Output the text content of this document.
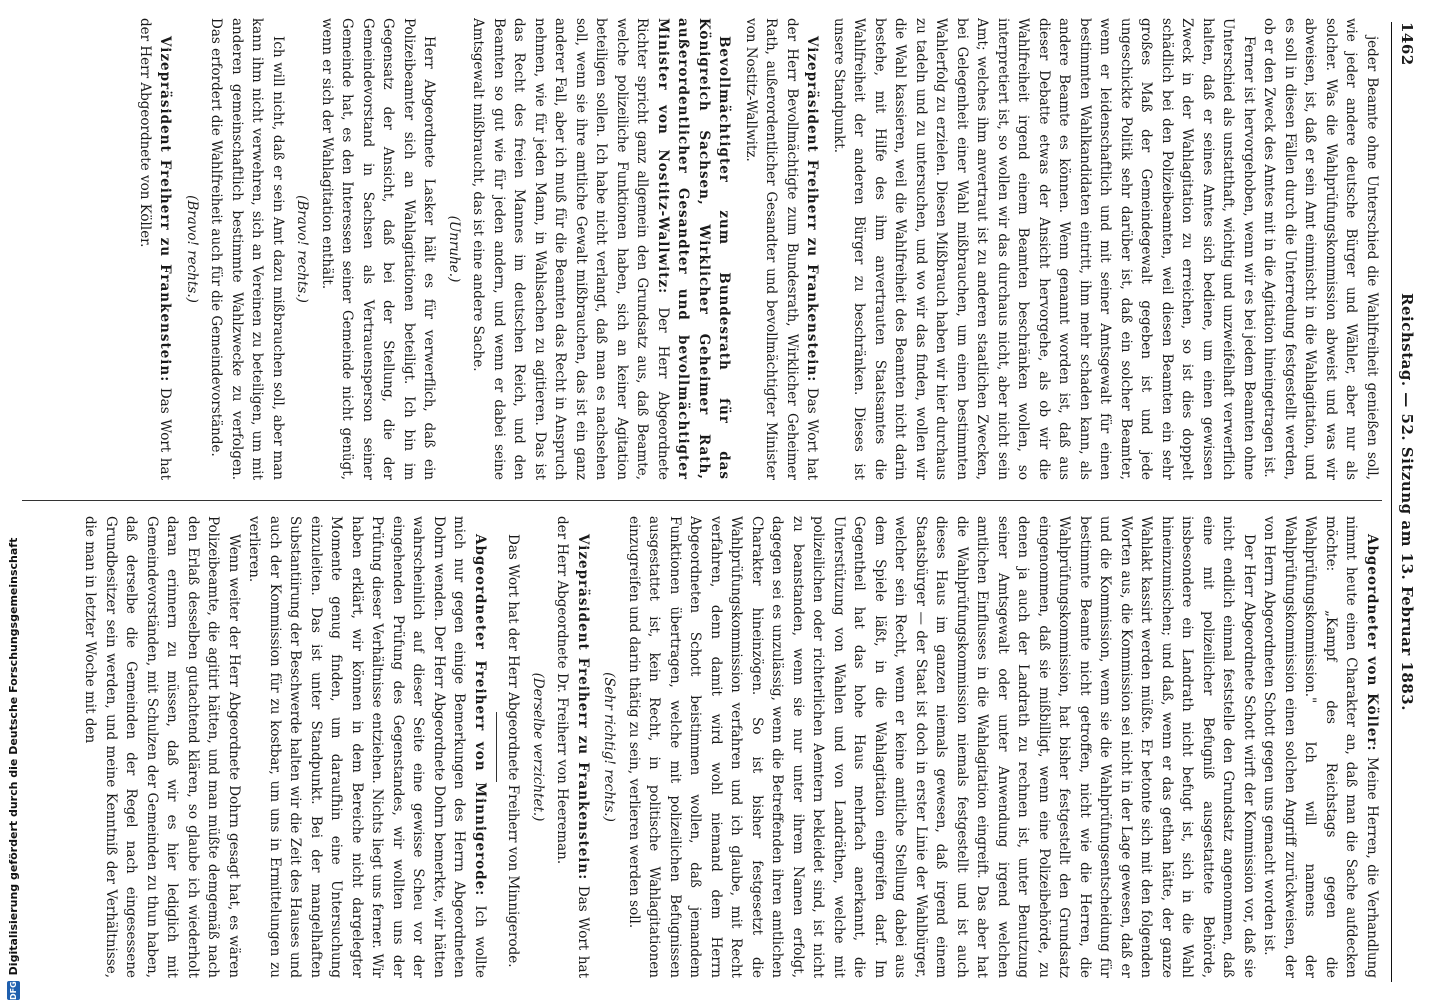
1462
Reichstag. — 52. Sitzung am 13. Februar 1883.

jeder Beamte ohne Unterschied die Wahlfreiheit genießen soll, wie jeder andere deutsche Bürger und Wähler, aber nur als solcher. Was die Wahlprüfungskommission abweist und was wir abweisen, ist, daß er sein Amt einmischt in die Wahlagitation, und es soll in diesen Fällen durch die Unterredung festgestellt werden, ob er den Zweck des Amtes mit in die Agitation hineingetragen ist.

Ferner ist hervorgehoben, wenn wir es bei jedem Beamten ohne Unterschied als unstatthaft, wichtig und unzweifelhaft verwerflich halten, daß er seines Amtes sich bediene, um einen gewissen Zweck in der Wahlagitation zu erreichen, so ist dies doppelt schädlich bei den Polizeibeamten, weil diesen Beamten ein sehr großes Maß der Gemeindegewalt gegeben ist und jede ungeschickte Politik sehr darüber ist, daß ein solcher Beamter, wenn er leidenschaftlich und mit seiner Amtsgewalt für einen bestimmten Wahlkandidaten eintritt, ihm mehr schaden kann, als andere Beamte es können. Wenn genannt worden ist, daß aus dieser Debatte etwas der Ansicht hervorgehe, als ob wir die Wahlfreiheit irgend einem Beamten beschränken wollen, so interpretiert ist, so wollen wir das durchaus nicht, aber nicht sein Amt; welches ihm anvertraut ist zu anderen staatlichen Zwecken, bei Gelegenheit einer Wahl mißbrauchen, um einen bestimmten Wahlerfolg zu erzielen. Diesen Mißbrauch haben wir hier durchaus zu tadeln und zu untersuchen, und wo wir das finden, wollen wir die Wahl kassieren, weil die Wahlfreiheit des Beamten nicht darin bestehe, mit Hilfe des ihm anvertrauten Staatsamtes die Wahlfreiheit der anderen Bürger zu beschränken. Dieses ist unsere Standpunkt.

Vizepräsident Freiherr zu Frankenstein: Das Wort hat der Herr Bevollmächtigte zum Bundesrath, Wirklicher Geheimer Rath, außerordentlicher Gesandter und bevollmächtigter Minister von Nostitz-Wallwitz.

Bevollmächtigter zum Bundesrath für das Königreich Sachsen, Wirklicher Geheimer Rath, außerordentlicher Gesandter und bevollmächtigter Minister von Nostitz-Wallwitz: Der Herr Abgeordnete Richter spricht ganz allgemein den Grundsatz aus, daß Beamte, welche polizeiliche Funktionen haben, sich an keiner Agitation beteiligen sollen. Ich habe nicht verlangt, daß man es nachsehen soll, wenn sie ihre amtliche Gewalt mißbrauchen, das ist ein ganz anderer Fall, aber ich muß für die Beamten das Recht in Anspruch nehmen, wie für jeden Mann, in Wahlsachen zu agitieren. Das ist das Recht des freien Mannes im deutschen Reich, und den Beamten so gut wie für jeden andern, und wenn er dabei seine Amtsgewalt mißbraucht, das ist eine andere Sache.

(Unruhe.)

Herr Abgeordnete Lasker hält es für verwerflich, daß ein Polizeibeamter sich an Wahlagitationen beteiligt. Ich bin im Gegensatz der Ansicht, daß bei der Stellung, die der Gemeindevorstand in Sachsen als Vertrauensperson seiner Gemeinde hat, es den Interessen seiner Gemeinde nicht genügt, wenn er sich der Wahlagitation enthält.

(Bravo! rechts.)

Ich will nicht, daß er sein Amt dazu mißbrauchen soll, aber man kann ihm nicht verwehren, sich an Vereinen zu beteiligen, um mit anderen gemeinschaftlich bestimmte Wahlzwecke zu verfolgen. Das erfordert die Wahlfreiheit auch für die Gemeindevorstände.

(Bravo! rechts.)

Vizepräsident Freiherr zu Frankenstein: Das Wort hat der Herr Abgeordnete von Köller.

Abgeordneter von Köller: Meine Herren, die Verhandlung nimmt heute einen Charakter an, daß man die Sache aufdecken möchte: „Kampf des Reichstags gegen die Wahlprüfungskommission." Ich will namens der Wahlprüfungskommission einen solchen Angriff zurückweisen, der von Herrn Abgeordneten Schott gegen uns gemacht worden ist.

Der Herr Abgeordnete Schott wirft der Kommission vor, daß sie nicht endlich einmal feststelle den Grundsatz angenommen, daß eine mit polizeilicher Befugniß ausgestattete Behörde, insbesondere ein Landrath nicht befugt ist, sich in die Wahl hineinzumischen; und daß, wenn er das gethan hätte, der ganze Wahlakt kassirt werden müßte. Er betonte sich mit den folgenden Worten aus, die Kommission sei nicht in der Lage gewesen, daß er und die Kommission, wenn sie die Wahlprüfungsentscheidung für bestimmte Beamte nicht getroffen, nicht wie die Herren, die Wahlprüfungskommission, hat bisher festgestellt den Grundsatz eingenommen, daß sie mißbilligt, wenn eine Polizeibehörde, zu denen ja auch der Landrath zu rechnen ist, unter Benutzung seiner Amtsgewalt oder unter Anwendung irgend welchen amtlichen Einflusses in die Wahlagitation eingreift. Das aber hat die Wahlprüfungskommission niemals festgestellt und ist auch dieses Haus im ganzen niemals gewesen, daß irgend einem Staatsbürger — der Staat ist doch in erster Linie der Wahlbürger, welcher sein Recht, wenn er keine amtliche Stellung dabei aus dem Spiele läßt, in die Wahlagitation eingreifen darf. Im Gegentheil hat das hohe Haus mehrfach anerkannt, die Unterstützung von Wahlen und von Landräthen, welche mit polizeilichen oder richterlichen Aemtern bekleidet sind, ist nicht zu beanstanden, wenn sie nur unter ihrem Namen erfolgt, dagegen sei es unzulässig, wenn die Betreffenden ihren amtlichen Charakter hineinzögen. So ist bisher festgesetzt die Wahlprüfungskommission verfahren und ich glaube, mit Recht verfahren, denn damit wird wohl niemand dem Herrn Abgeordneten Schott beistimmen wollen, daß jemandem Funktionen übertragen, welche mit polizeilichen Befugnissen ausgestattet ist, kein Recht, in politische Wahlagitationen einzugreifen und darin thätig zu sein, verlieren werden soll.

(Sehr richtig! rechts.)

Vizepräsident Freiherr zu Frankenstein: Das Wort hat der Herr Abgeordnete Dr. Freiherr von Heereman.

(Derselbe verzichtet.)

Das Wort hat der Herr Abgeordnete Freiherr von Minnigerode.

Abgeordneter Freiherr von Minnigerode: Ich wollte mich nur gegen einige Bemerkungen des Herrn Abgeordneten Dohrn wenden. Der Herr Abgeordnete Dohrn bemerkte, wir hätten wahrscheinlich auf dieser Seite eine gewisse Scheu vor der eingehenden Prüfung des Gegenstandes, wir wollten uns der Prüfung dieser Verhältnisse entziehen. Nichts liegt uns ferner. Wir haben erklärt, wir können in dem Bereiche nicht dargelegter Momente genug finden, um daraufhin eine Untersuchung einzuleiten. Das ist unter Standpunkt. Bei der mangelhaften Substantiirung der Beschwerde halten wir die Zeit des Hauses und auch der Kommission für zu kostbar, um uns in Ermittelungen zu verlieren.

Wenn weiter der Herr Abgeordnete Dohrn gesagt hat, es wären Polizeibeamte, die agitirt hätten, und man müßte demgemäß nach den Erlaß desselben gutachtend klären, so glaube ich wiederholt daran erinnern zu müssen, daß wir es hier lediglich mit Gemeindevorständen, mit Schulzen der Gemeinden zu thun haben, daß derselbe die Gemeinden der Regel nach eingesessene Grundbesitzer sein werden, und meine Kenntniß der Verhältnisse, die man in letzter Woche mit den

DFG
Digitalisierung gefördert durch die Deutsche Forschungsgemeinschaft
